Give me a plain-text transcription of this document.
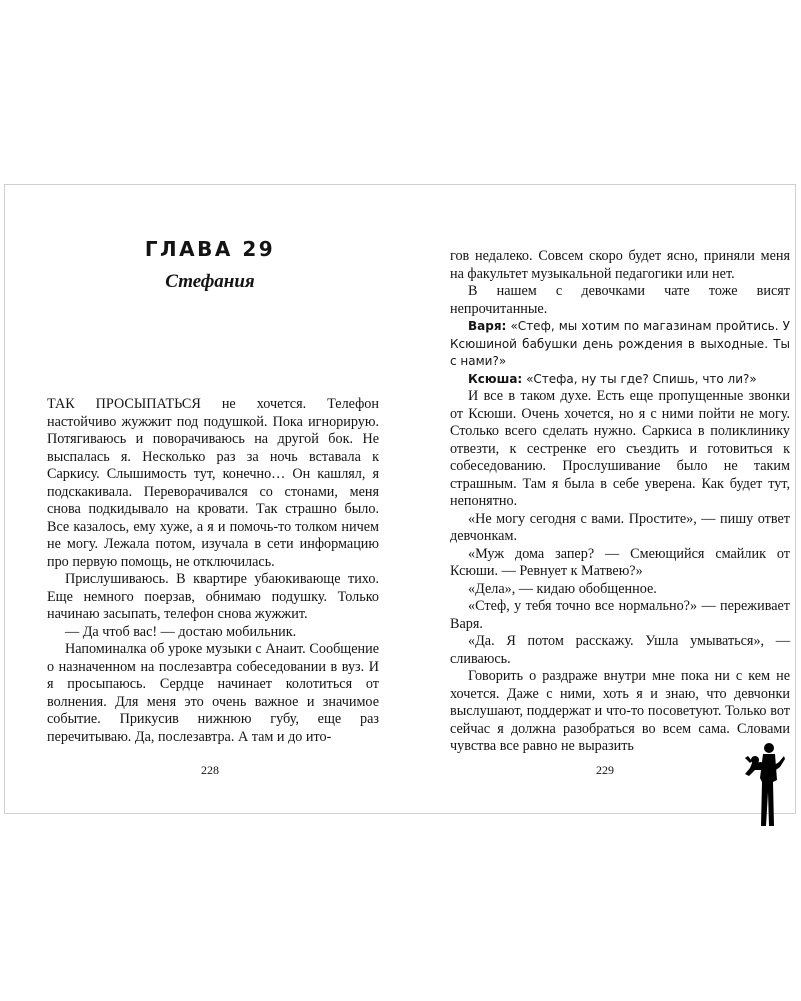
ГЛАВА 29
Стефания

ТАК ПРОСЫПАТЬСЯ не хочется. Телефон настойчиво жужжит под подушкой. Пока игнорирую. Потягиваюсь и поворачиваюсь на другой бок. Не выспалась я. Несколько раз за ночь вставала к Саркису. Слышимость тут, конечно… Он кашлял, я подскакивала. Переворачивался со стонами, меня снова подкидывало на кровати. Так страшно было. Все казалось, ему хуже, а я и помочь-то толком ничем не могу. Лежала потом, изучала в сети информацию про первую помощь, не отключилась.

Прислушиваюсь. В квартире убаюкивающе тихо. Еще немного поерзав, обнимаю подушку. Только начинаю засыпать, телефон снова жужжит.

— Да чтоб вас! — достаю мобильник.

Напоминалка об уроке музыки с Анаит. Сообщение о назначенном на послезавтра собеседовании в вуз. И я просыпаюсь. Сердце начинает колотиться от волнения. Для меня это очень важное и значимое событие. Прикусив нижнюю губу, еще раз перечитываю. Да, послезавтра. А там и до ито-

228

гов недалеко. Совсем скоро будет ясно, приняли меня на факультет музыкальной педагогики или нет.

В нашем с девочками чате тоже висят непрочитанные.

Варя: «Стеф, мы хотим по магазинам пройтись. У Ксюшиной бабушки день рождения в выходные. Ты с нами?»

Ксюша: «Стефа, ну ты где? Спишь, что ли?»

И все в таком духе. Есть еще пропущенные звонки от Ксюши. Очень хочется, но я с ними пойти не могу. Столько всего сделать нужно. Саркиса в поликлинику отвезти, к сестренке его съездить и готовиться к собеседованию. Прослушивание было не таким страшным. Там я была в себе уверена. Как будет тут, непонятно.

«Не могу сегодня с вами. Простите», — пишу ответ девчонкам.

«Муж дома запер? — Смеющийся смайлик от Ксюши. — Ревнует к Матвею?»

«Дела», — кидаю обобщенное.

«Стеф, у тебя точно все нормально?» — переживает Варя.

«Да. Я потом расскажу. Ушла умываться», — сливаюсь.

Говорить о раздраже внутри мне пока ни с кем не хочется. Даже с ними, хоть я и знаю, что девчонки выслушают, поддержат и что-то посоветуют. Только вот сейчас я должна разобраться во всем сама. Словами чувства все равно не выразить

229
